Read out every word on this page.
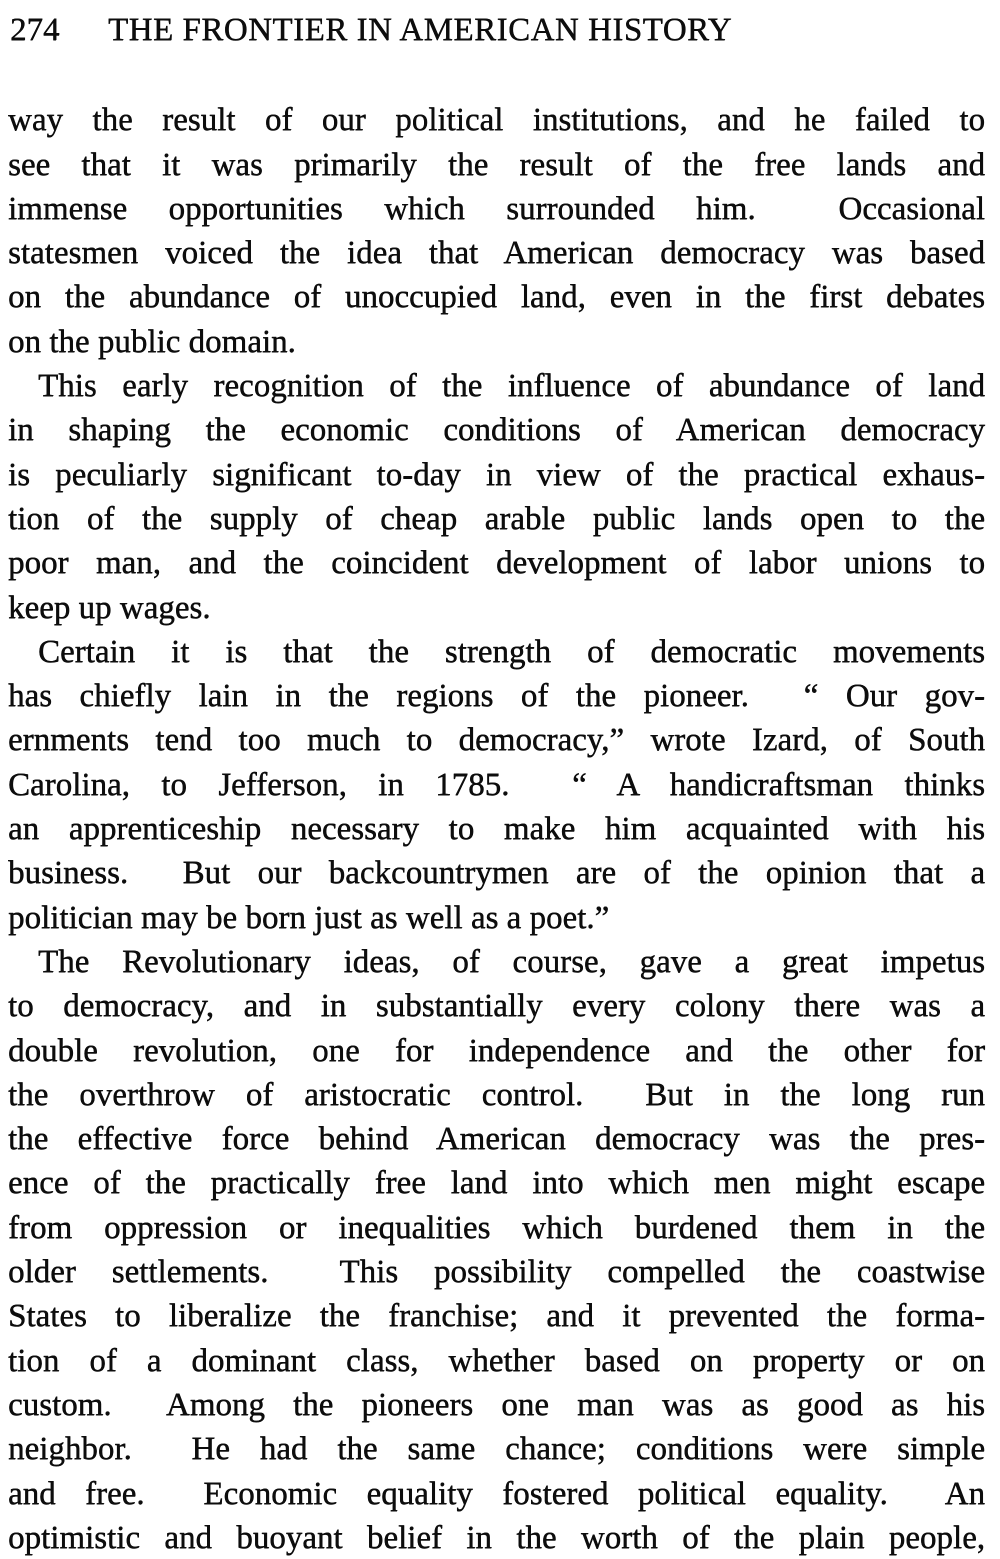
274	THE FRONTIER IN AMERICAN HISTORY
way the result of our political institutions, and he failed to
see that it was primarily the result of the free lands and
immense opportunities which surrounded him.  Occasional
statesmen voiced the idea that American democracy was based
on the abundance of unoccupied land, even in the first debates
on the public domain.
This early recognition of the influence of abundance of land
in shaping the economic conditions of American democracy
is peculiarly significant to-day in view of the practical exhaus-
tion of the supply of cheap arable public lands open to the
poor man, and the coincident development of labor unions to
keep up wages.
Certain it is that the strength of democratic movements
has chiefly lain in the regions of the pioneer.  “ Our gov-
ernments tend too much to democracy,” wrote Izard, of South
Carolina, to Jefferson, in 1785.  “ A handicraftsman thinks
an apprenticeship necessary to make him acquainted with his
business.  But our backcountrymen are of the opinion that a
politician may be born just as well as a poet.”
The Revolutionary ideas, of course, gave a great impetus
to democracy, and in substantially every colony there was a
double revolution, one for independence and the other for
the overthrow of aristocratic control.  But in the long run
the effective force behind American democracy was the pres-
ence of the practically free land into which men might escape
from oppression or inequalities which burdened them in the
older settlements.  This possibility compelled the coastwise
States to liberalize the franchise; and it prevented the forma-
tion of a dominant class, whether based on property or on
custom.  Among the pioneers one man was as good as his
neighbor.  He had the same chance; conditions were simple
and free.  Economic equality fostered political equality.  An
optimistic and buoyant belief in the worth of the plain people,
